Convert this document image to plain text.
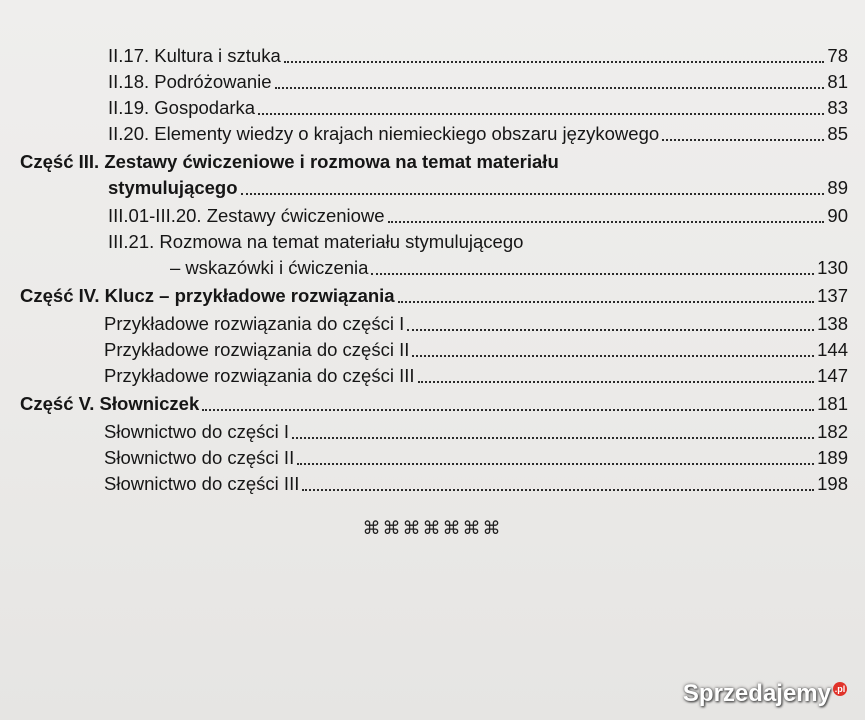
II.17. Kultura i sztuka	78
II.18. Podróżowanie	81
II.19. Gospodarka	83
II.20. Elementy wiedzy o krajach niemieckiego obszaru językowego	85
Część III. Zestawy ćwiczeniowe i rozmowa na temat materiału
stymulującego	89
III.01-III.20. Zestawy ćwiczeniowe	90
III.21. Rozmowa na temat materiału stymulującego
– wskazówki i ćwiczenia	130
Część IV. Klucz – przykładowe rozwiązania	137
Przykładowe rozwiązania do części I	138
Przykładowe rozwiązania do części II	144
Przykładowe rozwiązania do części III	147
Część V. Słowniczek	181
Słownictwo do części I	182
Słownictwo do części II	189
Słownictwo do części III	198
⌘⌘⌘⌘⌘⌘⌘
Sprzedajemy .pl
